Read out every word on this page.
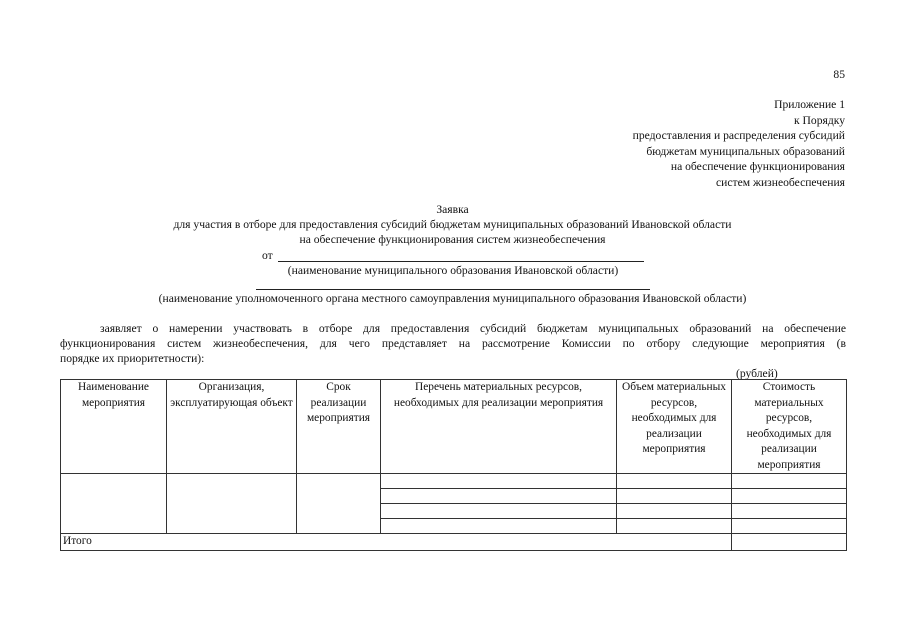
85
Приложение 1
к Порядку
предоставления и распределения субсидий
бюджетам муниципальных образований
на обеспечение функционирования
систем жизнеобеспечения
Заявка
для участия в отборе для предоставления субсидий бюджетам муниципальных образований Ивановской области
на обеспечение функционирования систем жизнеобеспечения
от
(наименование муниципального образования Ивановской области)
(наименование уполномоченного органа местного самоуправления муниципального образования Ивановской области)
заявляет о намерении участвовать в отборе для предоставления субсидий бюджетам муниципальных образований на обеспечение
функционирования систем жизнеобеспечения, для чего представляет на рассмотрение Комиссии по отбору следующие мероприятия (в
порядке их приоритетности):
(рублей)
Наименование мероприятия	Организация, эксплуатирующая объект	Срок реализации мероприятия	Перечень материальных ресурсов, необходимых для реализации мероприятия	Объем материальных ресурсов, необходимых для реализации мероприятия	Стоимость материальных ресурсов, необходимых для реализации мероприятия

Итого					
